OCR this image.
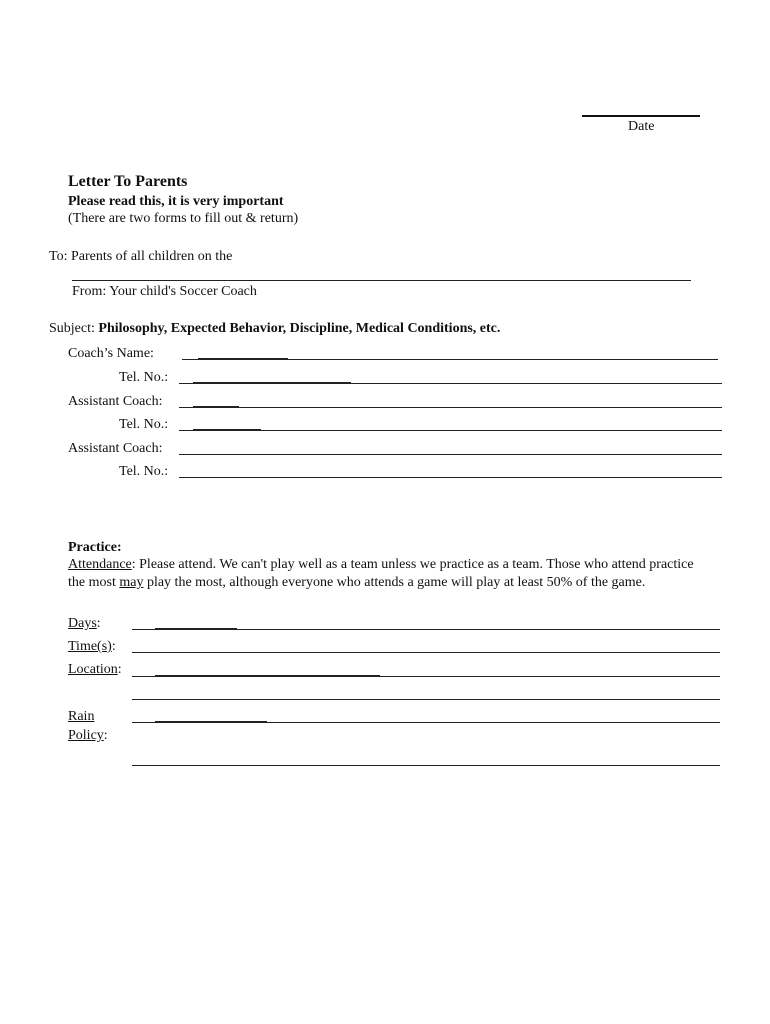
Date
Letter To Parents
Please read this, it is very important
(There are two forms to fill out & return)
To: Parents of all children on the
From: Your child's Soccer Coach
Subject: Philosophy, Expected Behavior, Discipline, Medical Conditions, etc.
Coach’s Name:
Tel. No.:
Assistant Coach:
Tel. No.:
Assistant Coach:
Tel. No.:
Practice:
Attendance: Please attend. We can't play well as a team unless we practice as a team. Those who attend practice the most may play the most, although everyone who attends a game will play at least 50% of the game.
Days:
Time(s):
Location:
Rain
Policy:
